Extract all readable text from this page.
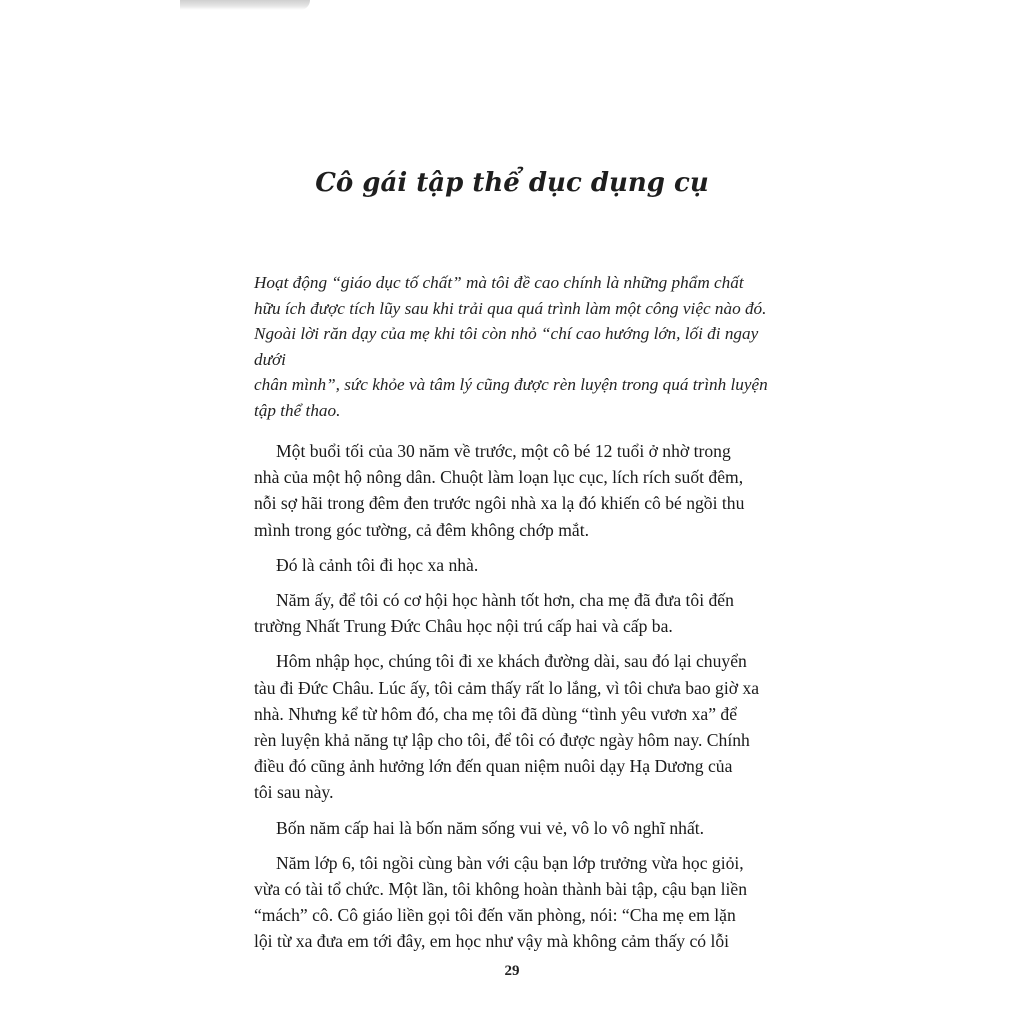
Cô gái tập thể dục dụng cụ

Hoạt động “giáo dục tố chất” mà tôi đề cao chính là những phẩm chất

hữu ích được tích lũy sau khi trải qua quá trình làm một công việc nào đó.

Ngoài lời răn dạy của mẹ khi tôi còn nhỏ “chí cao hướng lớn, lối đi ngay dưới

chân mình”, sức khỏe và tâm lý cũng được rèn luyện trong quá trình luyện

tập thể thao.

Một buổi tối của 30 năm về trước, một cô bé 12 tuổi ở nhờ trong
nhà của một hộ nông dân. Chuột làm loạn lục cục, lích rích suốt đêm,
nỗi sợ hãi trong đêm đen trước ngôi nhà xa lạ đó khiến cô bé ngồi thu
mình trong góc tường, cả đêm không chớp mắt.

Đó là cảnh tôi đi học xa nhà.

Năm ấy, để tôi có cơ hội học hành tốt hơn, cha mẹ đã đưa tôi đến
trường Nhất Trung Đức Châu học nội trú cấp hai và cấp ba.

Hôm nhập học, chúng tôi đi xe khách đường dài, sau đó lại chuyển
tàu đi Đức Châu. Lúc ấy, tôi cảm thấy rất lo lắng, vì tôi chưa bao giờ xa
nhà. Nhưng kể từ hôm đó, cha mẹ tôi đã dùng “tình yêu vươn xa” để
rèn luyện khả năng tự lập cho tôi, để tôi có được ngày hôm nay. Chính
điều đó cũng ảnh hưởng lớn đến quan niệm nuôi dạy Hạ Dương của
tôi sau này.

Bốn năm cấp hai là bốn năm sống vui vẻ, vô lo vô nghĩ nhất.

Năm lớp 6, tôi ngồi cùng bàn với cậu bạn lớp trưởng vừa học giỏi,
vừa có tài tổ chức. Một lần, tôi không hoàn thành bài tập, cậu bạn liền
“mách” cô. Cô giáo liền gọi tôi đến văn phòng, nói: “Cha mẹ em lặn
lội từ xa đưa em tới đây, em học như vậy mà không cảm thấy có lỗi

29
